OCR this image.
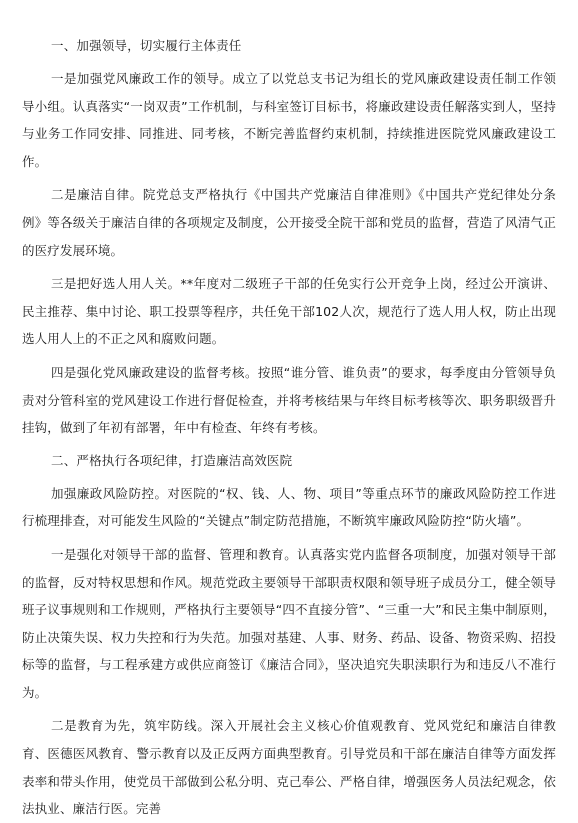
一、加强领导，切实履行主体责任

一是加强党风廉政工作的领导。成立了以党总支书记为组长的党风廉政建设责任制工作领导小组。认真落实“一岗双责”工作机制，与科室签订目标书，将廉政建设责任解落实到人，坚持与业务工作同安排、同推进、同考核，不断完善监督约束机制，持续推进医院党风廉政建设工作。

二是廉洁自律。院党总支严格执行《中国共产党廉洁自律准则》《中国共产党纪律处分条例》等各级关于廉洁自律的各项规定及制度，公开接受全院干部和党员的监督，营造了风清气正的医疗发展环境。

三是把好选人用人关。**年度对二级班子干部的任免实行公开竞争上岗，经过公开演讲、民主推荐、集中讨论、职工投票等程序，共任免干部102人次，规范行了选人用人权，防止出现选人用人上的不正之风和腐败问题。

四是强化党风廉政建设的监督考核。按照“谁分管、谁负责”的要求，每季度由分管领导负责对分管科室的党风建设工作进行督促检查，并将考核结果与年终目标考核等次、职务职级晋升挂钩，做到了年初有部署，年中有检查、年终有考核。

二、严格执行各项纪律，打造廉洁高效医院

加强廉政风险防控。对医院的“权、钱、人、物、项目”等重点环节的廉政风险防控工作进行梳理排查，对可能发生风险的“关键点”制定防范措施，不断筑牢廉政风险防控“防火墙”。

一是强化对领导干部的监督、管理和教育。认真落实党内监督各项制度，加强对领导干部的监督，反对特权思想和作风。规范党政主要领导干部职责权限和领导班子成员分工，健全领导班子议事规则和工作规则，严格执行主要领导“四不直接分管”、“三重一大”和民主集中制原则，防止决策失误、权力失控和行为失范。加强对基建、人事、财务、药品、设备、物资采购、招投标等的监督，与工程承建方或供应商签订《廉洁合同》，坚决追究失职渎职行为和违反八不准行为。

二是教育为先，筑牢防线。深入开展社会主义核心价值观教育、党风党纪和廉洁自律教育、医德医风教育、警示教育以及正反两方面典型教育。引导党员和干部在廉洁自律等方面发挥表率和带头作用，使党员干部做到公私分明、克己奉公、严格自律，增强医务人员法纪观念，依法执业、廉洁行医。完善
